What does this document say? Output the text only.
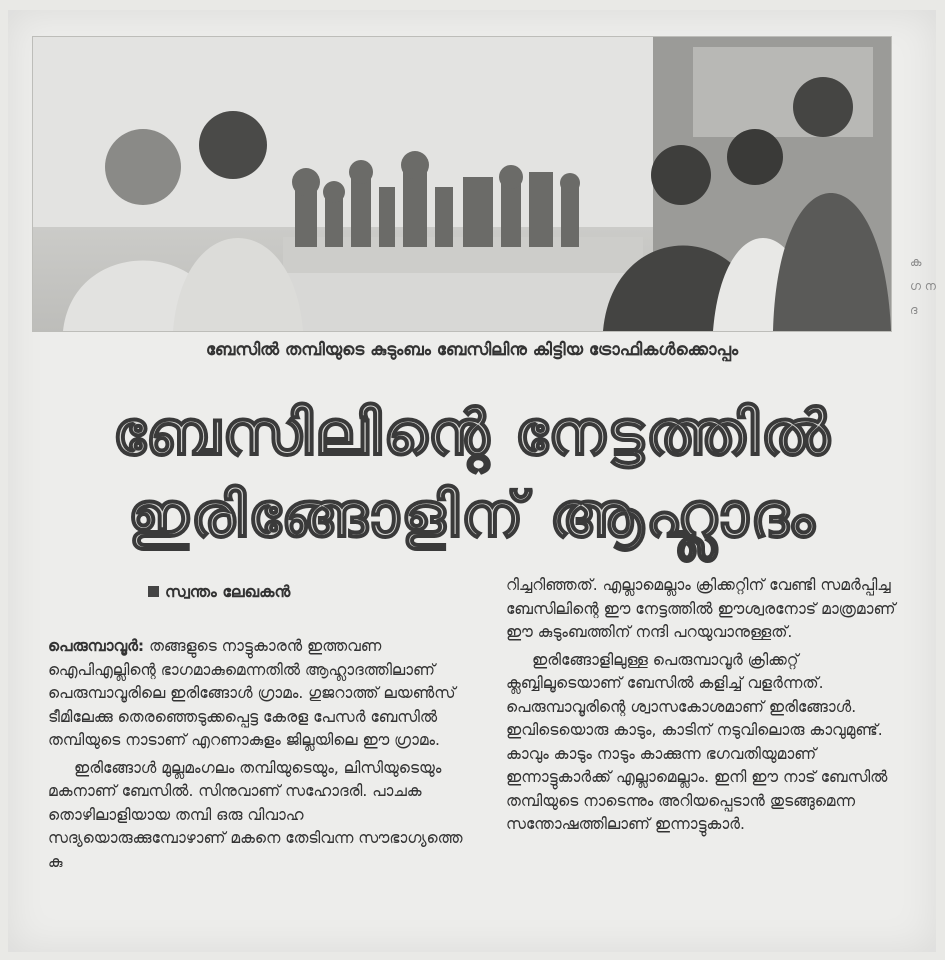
ബേസിൽ തമ്പിയുടെ കുടുംബം ബേസിലിനു കിട്ടിയ ട്രോഫികൾക്കൊപ്പം
ബേസിലിന്റെ നേട്ടത്തിൽ
ഇരിങ്ങോളിന് ആഹ്ലാദം
സ്വന്തം ലേഖകൻ

പെരുമ്പാവൂർ: തങ്ങളുടെ നാട്ടുകാരൻ ഇത്തവണ ഐപിഎല്ലിന്റെ ഭാഗമാകുമെന്നതിൽ ആഹ്ലാദത്തിലാണ് പെരുമ്പാവൂരിലെ ഇരിങ്ങോൾ ഗ്രാമം. ഗുജറാത്ത് ലയൺസ് ടീമിലേക്കു തെരഞ്ഞെടുക്കപ്പെട്ട കേരള പേസർ ബേസിൽ തമ്പിയുടെ നാടാണ് എറണാകുളം ജില്ലയിലെ ഈ ഗ്രാമം.

ഇരിങ്ങോൾ മുല്ലമംഗലം തമ്പിയുടെയും, ലിസിയുടെയും മകനാണ് ബേസിൽ. സിനുവാണ് സഹോദരി. പാചക തൊഴിലാളിയായ തമ്പി ഒരു വിവാഹ സദ്യയൊരുക്കുമ്പോഴാണ് മകനെ തേടിവന്ന സൗഭാഗ്യത്തെ കു

റിച്ചറിഞ്ഞത്. എല്ലാമെല്ലാം ക്രിക്കറ്റിന് വേണ്ടി സമർപ്പിച്ച ബേസിലിന്റെ ഈ നേട്ടത്തിൽ ഈശ്വരനോട് മാത്രമാണ് ഈ കുടുംബത്തിന് നന്ദി പറയുവാനുള്ളത്.

ഇരിങ്ങോളിലുള്ള പെരുമ്പാവൂർ ക്രിക്കറ്റ് ക്ലബ്ബിലൂടെയാണ് ബേസിൽ കളിച്ച് വളർന്നത്. പെരുമ്പാവൂരിന്റെ ശ്വാസകോശമാണ് ഇരിങ്ങോൾ. ഇവിടെയൊരു കാടും, കാടിന് നടുവിലൊരു കാവുമുണ്ട്. കാവും കാടും നാടും കാക്കുന്ന ഭഗവതിയുമാണ് ഇന്നാട്ടുകാർക്ക് എല്ലാമെല്ലാം. ഇനി ഈ നാട് ബേസിൽ തമ്പിയുടെ നാടെന്നും അറിയപ്പെടാൻ തുടങ്ങുമെന്ന സന്തോഷത്തിലാണ് ഇന്നാട്ടുകാർ.

ക ഗ ന ദ
